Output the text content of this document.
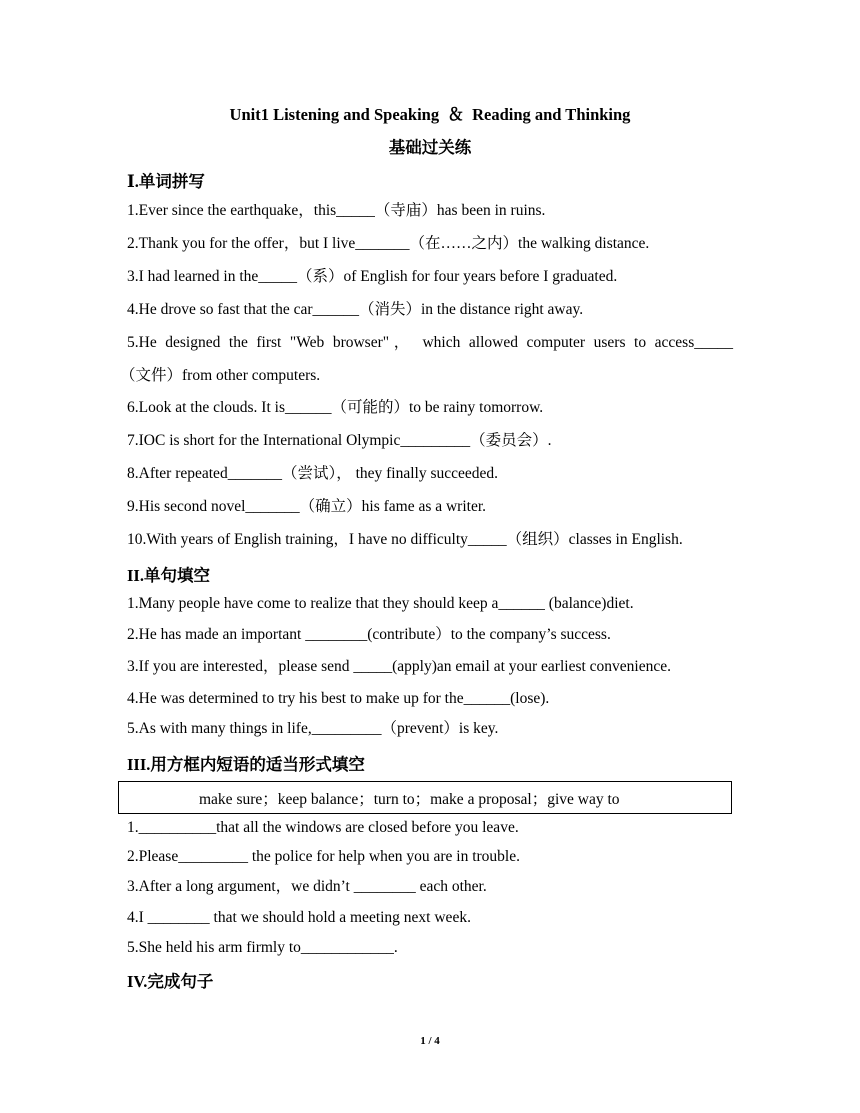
Unit1 Listening and Speaking  ＆  Reading and Thinking
基础过关练
Ⅰ.单词拼写
1.Ever since the earthquake，this_____（寺庙）has been in ruins.
2.Thank you for the offer，but I live_______（在……之内）the walking distance.
3.I had learned in the_____（系）of English for four years before I graduated.
4.He drove so fast that the car______（消失）in the distance right away.
5.He designed the first "Web browser"， which allowed computer users to access_____
（文件）from other computers.
6.Look at the clouds. It is______（可能的）to be rainy tomorrow.
7.IOC is short for the International Olympic_________（委员会）.
8.After repeated_______（尝试）， they finally succeeded.
9.His second novel_______（确立）his fame as a writer.
10.With years of English training，I have no difficulty_____（组织）classes in English.
II.单句填空
1.Many people have come to realize that they should keep a______ (balance)diet.
2.He has made an important ________(contribute）to the company’s success.
3.If you are interested，please send _____(apply)an email at your earliest convenience.
4.He was determined to try his best to make up for the______(lose).
5.As with many things in life,_________（prevent）is key.
III.用方框内短语的适当形式填空
make sure；keep balance；turn to；make a proposal；give way to
1.__________that all the windows are closed before you leave.
2.Please_________ the police for help when you are in trouble.
3.After a long argument，we didn’t ________ each other.
4.I ________ that we should hold a meeting next week.
5.She held his arm firmly to____________.
IV.完成句子
1 / 4
